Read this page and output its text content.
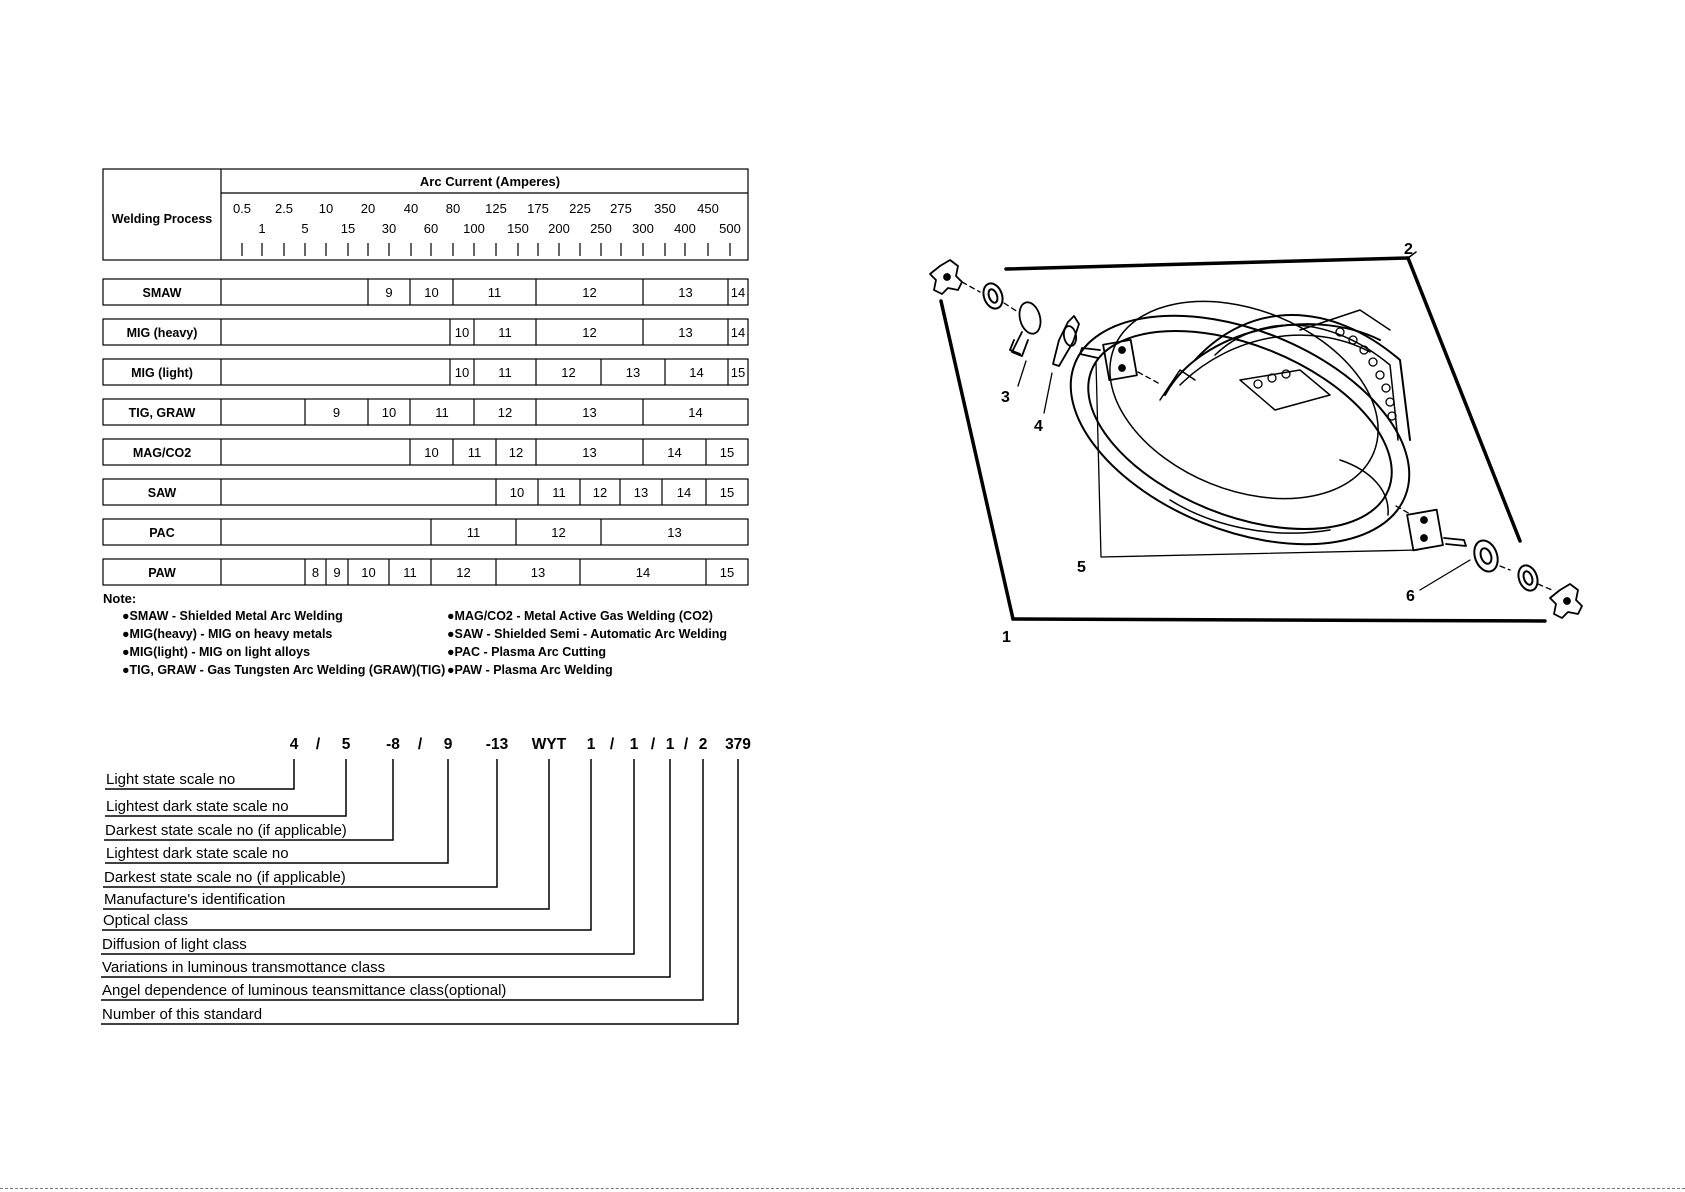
Welding Process
Arc Current (Amperes)
0.5 2.5 10 20 40 80 125 175 225 275 350 450
1	5 15 30 60 100 150 200 250 300 400 500
SMAW	9 10	11	12	13	14
MIG (heavy)	10 11	12	13	14
MIG (light)	10 11	12	13	14 15
TIG, GRAW	9	10	11	12	13	14
MAG/CO2	10 11 12	13	14	15
SAW	10 11 12 13 14 15
PAC	11	12	13
PAW	8 9 10 11	12	13	14	15
Note:
●SMAW - Shielded Metal Arc Welding
●MIG(heavy) - MIG on heavy metals
●MIG(light) - MIG on light alloys
●TIG, GRAW - Gas Tungsten Arc Welding (GRAW)(TIG)
●MAG/CO2 - Metal Active Gas Welding (CO2)
●SAW - Shielded Semi - Automatic Arc Welding
●PAC - Plasma Arc Cutting
●PAW - Plasma Arc Welding
4 / 5 -8 / 9 -13 WYT 1 / 1 / 1 / 2 379
Light state scale no
Lightest dark state scale no
Darkest state scale no (if applicable)
Lightest dark state scale no
Darkest state scale no (if applicable)
Manufacture's identification
Optical class
Diffusion of light class
Variations in luminous transmottance class
Angel dependence of luminous teansmittance class(optional)
Number of this standard
1
2
3
4
5
6
